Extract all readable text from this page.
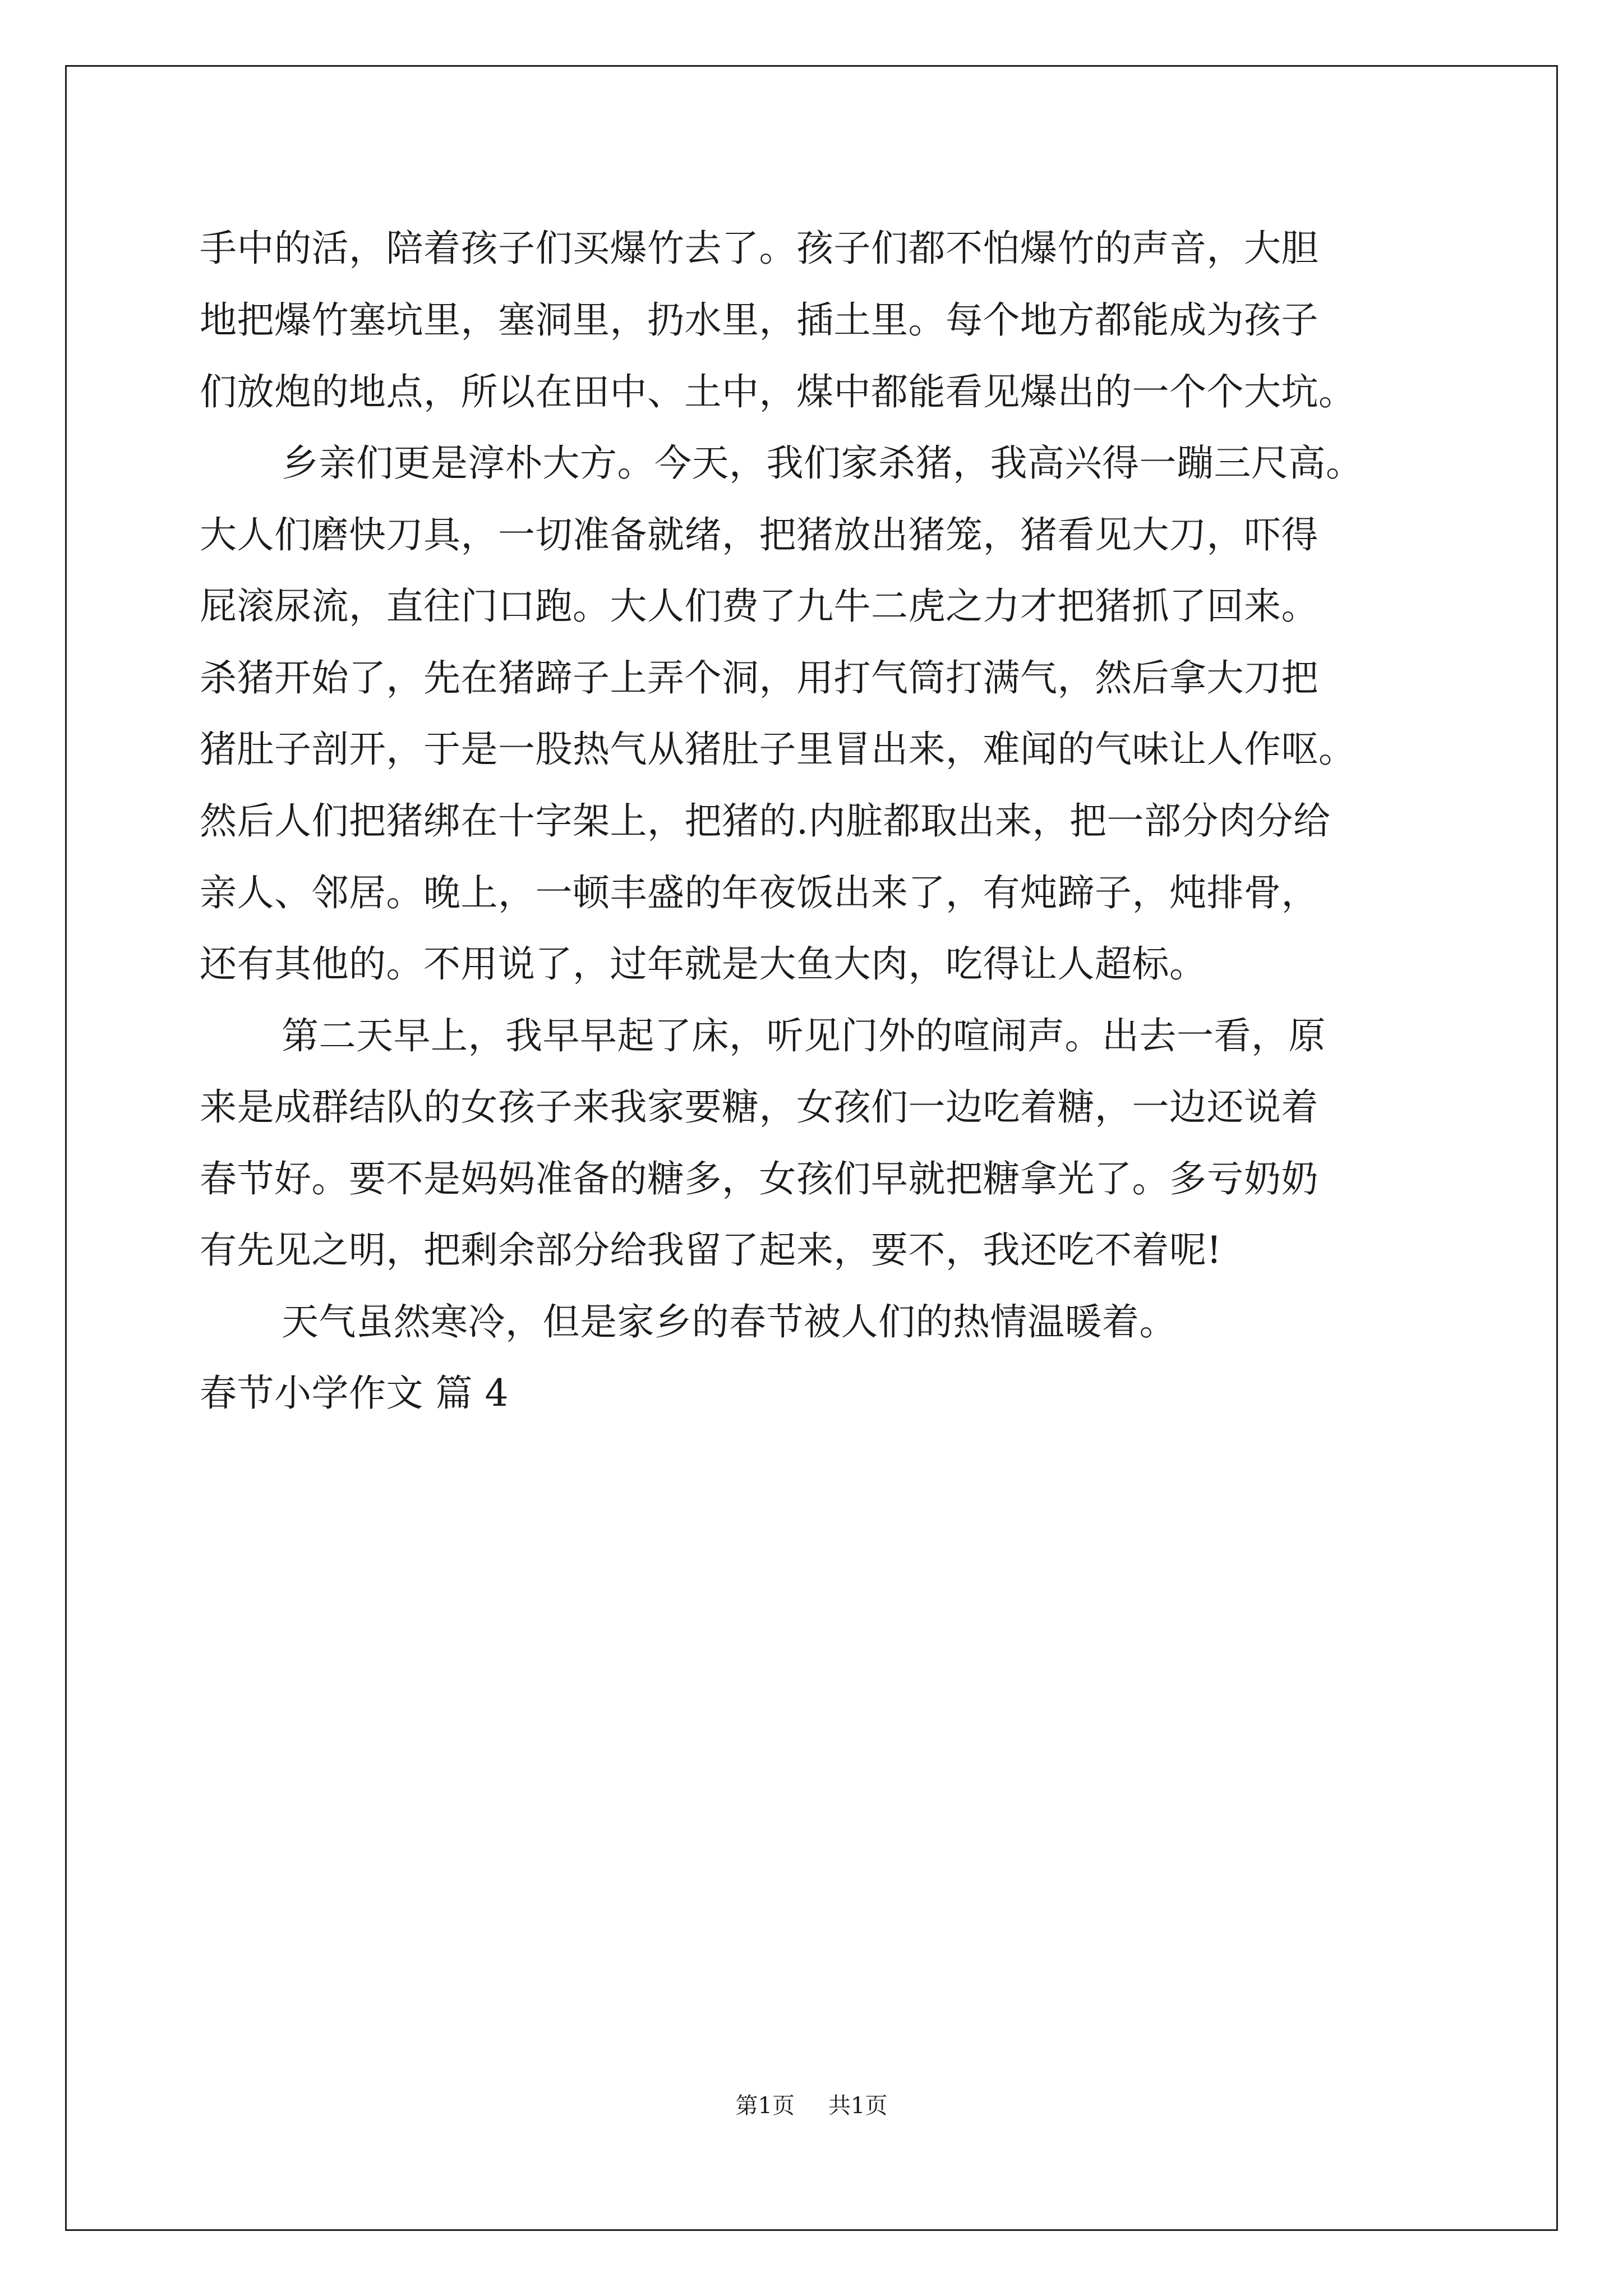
手中的活，陪着孩子们买爆竹去了。孩子们都不怕爆竹的声音，大胆

地把爆竹塞坑里，塞洞里，扔水里，插土里。每个地方都能成为孩子

们放炮的地点，所以在田中、土中，煤中都能看见爆出的一个个大坑。

乡亲们更是淳朴大方。今天，我们家杀猪，我高兴得一蹦三尺高。

大人们磨快刀具，一切准备就绪，把猪放出猪笼，猪看见大刀，吓得

屁滚尿流，直往门口跑。大人们费了九牛二虎之力才把猪抓了回来。

杀猪开始了，先在猪蹄子上弄个洞，用打气筒打满气，然后拿大刀把

猪肚子剖开，于是一股热气从猪肚子里冒出来，难闻的气味让人作呕。

然后人们把猪绑在十字架上，把猪的.内脏都取出来，把一部分肉分给

亲人、邻居。晚上，一顿丰盛的年夜饭出来了，有炖蹄子，炖排骨，

还有其他的。不用说了，过年就是大鱼大肉，吃得让人超标。

第二天早上，我早早起了床，听见门外的喧闹声。出去一看，原

来是成群结队的女孩子来我家要糖，女孩们一边吃着糖，一边还说着

春节好。要不是妈妈准备的糖多，女孩们早就把糖拿光了。多亏奶奶

有先见之明，把剩余部分给我留了起来，要不，我还吃不着呢!

天气虽然寒冷，但是家乡的春节被人们的热情温暖着。

春节小学作文 篇 4

第1页 共1页
